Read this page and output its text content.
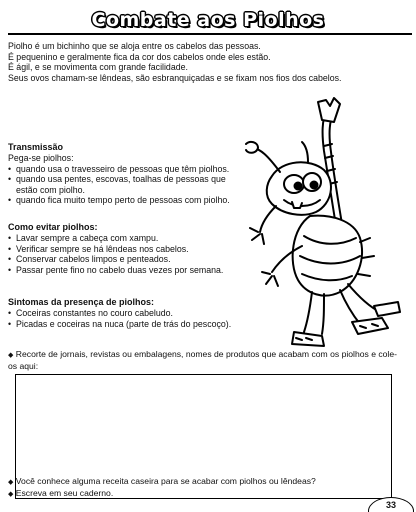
Combate aos Piolhos

Piolho é um bichinho que se aloja entre os cabelos das pessoas.

É pequenino e geralmente fica da cor dos cabelos onde eles estão.

É ágil, e se movimenta com grande facilidade.

Seus ovos chamam-se lêndeas, são esbranquiçadas e se fixam nos fios dos cabelos.

Transmissão

Pega-se piolhos:

• quando usa o travesseiro de pessoas que têm piolhos.
• quando usa pentes, escovas, toalhas de pessoas que estão com piolho.
• quando fica muito tempo perto de pessoas com piolho.
Como evitar piolhos:
• Lavar sempre a cabeça com xampu.
• Verificar sempre se há lêndeas nos cabelos.
• Conservar cabelos limpos e penteados.
• Passar pente fino no cabelo duas vezes por semana.
Sintomas da presença de piolhos:
• Coceiras constantes no couro cabeludo.
• Picadas e coceiras na nuca (parte de trás do pescoço).
◆ Recorte de jornais, revistas ou embalagens, nomes de produtos que acabam com os piolhos e cole-os aqui:
◆ Você conhece alguma receita caseira para se acabar com piolhos ou lêndeas?
◆ Escreva em seu caderno.
33
